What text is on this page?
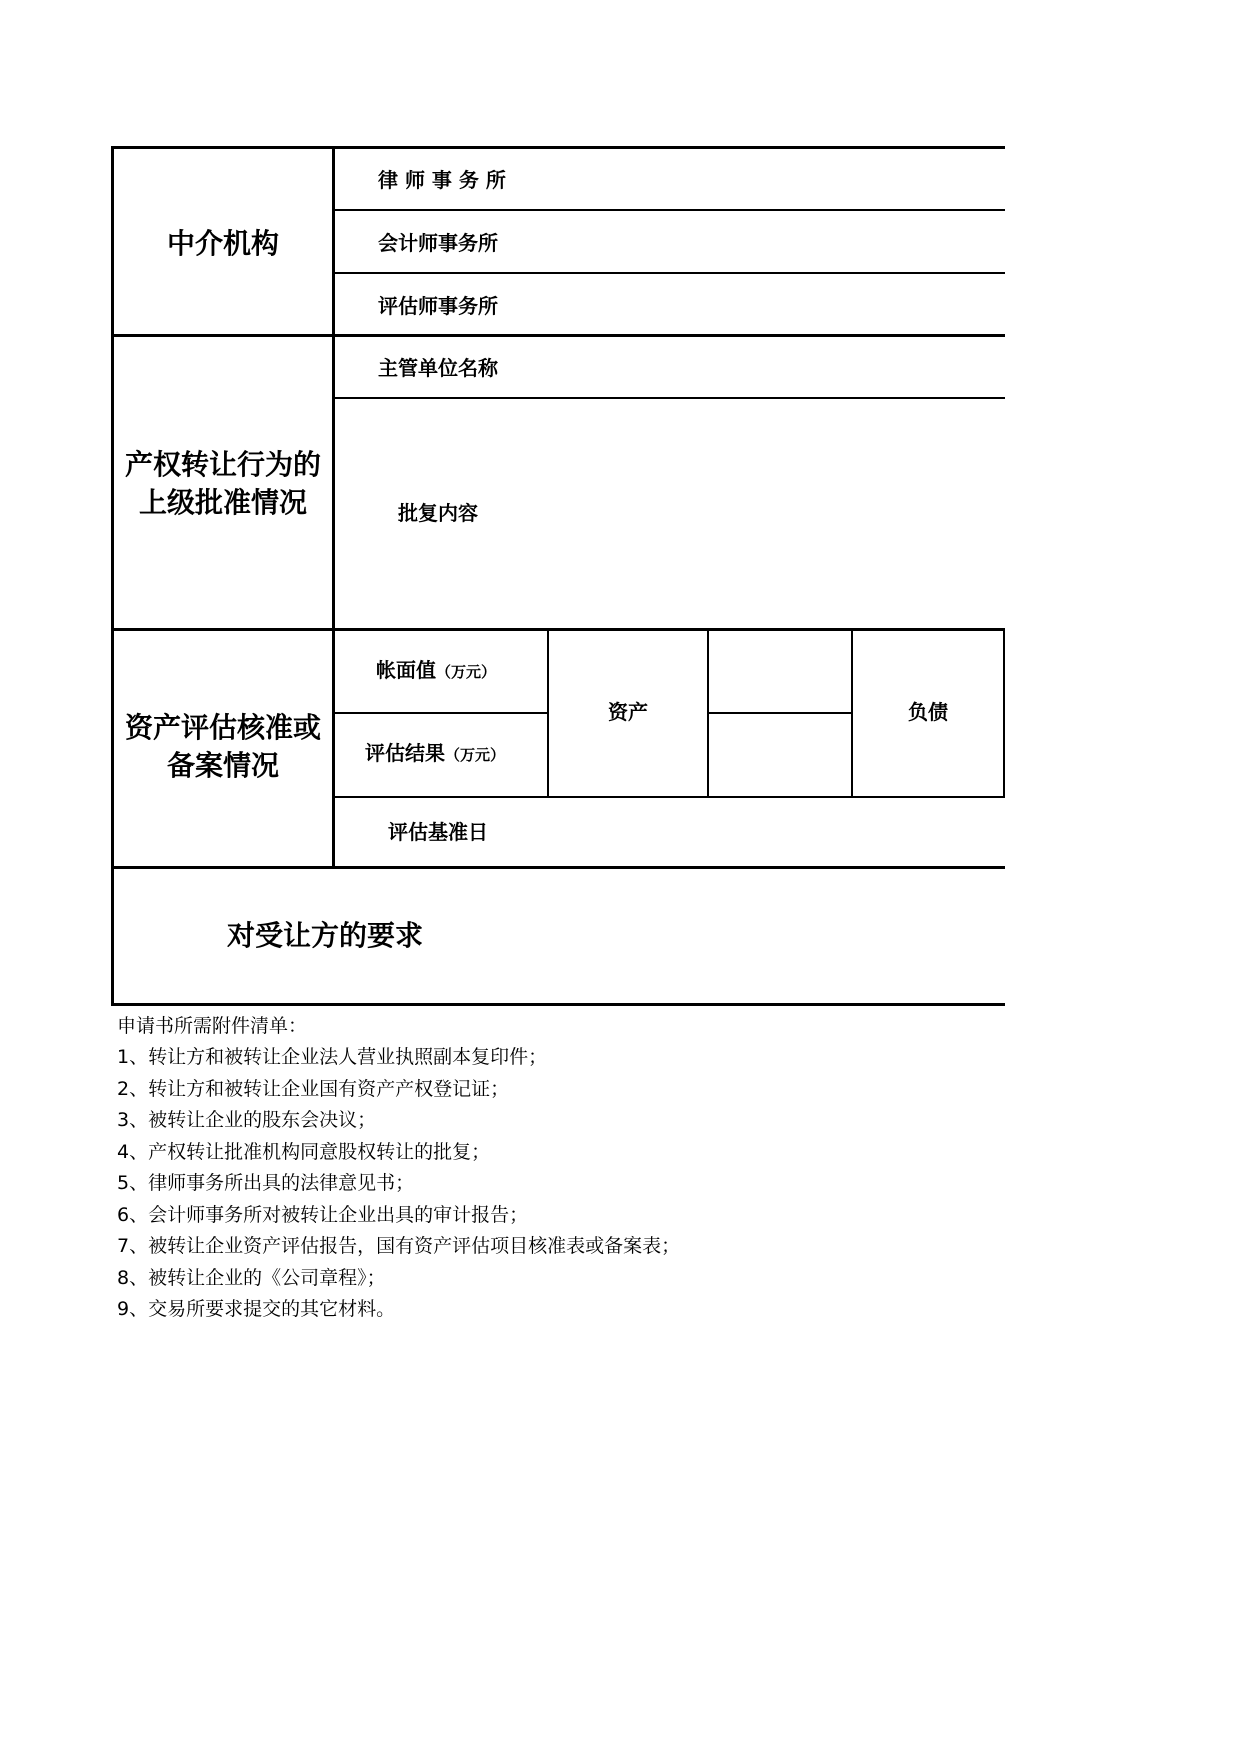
中介机构
律 师 事 务 所
会计师事务所
评估师事务所
产权转让行为的
上级批准情况
主管单位名称
批复内容
资产评估核准或
备案情况
帐面值（万元）
评估结果（万元）
资产	负债
评估基准日
对受让方的要求
申请书所需附件清单：
1、转让方和被转让企业法人营业执照副本复印件；
2、转让方和被转让企业国有资产产权登记证；
3、被转让企业的股东会决议；
4、产权转让批准机构同意股权转让的批复；
5、律师事务所出具的法律意见书；
6、会计师事务所对被转让企业出具的审计报告；
7、被转让企业资产评估报告，国有资产评估项目核准表或备案表；
8、被转让企业的《公司章程》；
9、交易所要求提交的其它材料。
